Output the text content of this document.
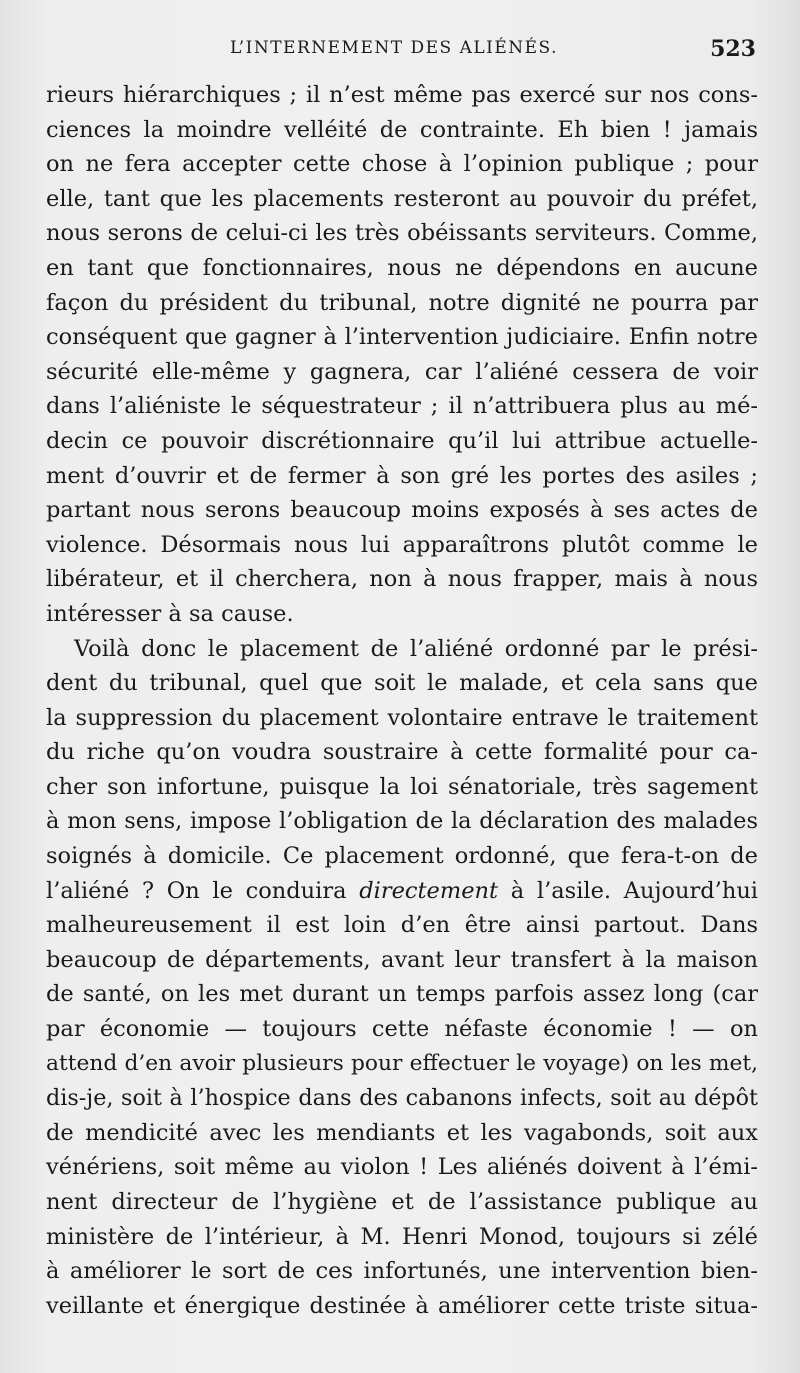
L’INTERNEMENT DES ALIÉNÉS.	523
rieurs hiérarchiques ; il n’est même pas exercé sur nos cons-
ciences la moindre velléité de contrainte. Eh bien ! jamais
on ne fera accepter cette chose à l’opinion publique ; pour
elle, tant que les placements resteront au pouvoir du préfet,
nous serons de celui-ci les très obéissants serviteurs. Comme,
en tant que fonctionnaires, nous ne dépendons en aucune
façon du président du tribunal, notre dignité ne pourra par
conséquent que gagner à l’intervention judiciaire. Enfin notre
sécurité elle-même y gagnera, car l’aliéné cessera de voir
dans l’aliéniste le séquestrateur ; il n’attribuera plus au mé-
decin ce pouvoir discrétionnaire qu’il lui attribue actuelle-
ment d’ouvrir et de fermer à son gré les portes des asiles ;
partant nous serons beaucoup moins exposés à ses actes de
violence. Désormais nous lui apparaîtrons plutôt comme le
libérateur, et il cherchera, non à nous frapper, mais à nous
intéresser à sa cause.
Voilà donc le placement de l’aliéné ordonné par le prési-
dent du tribunal, quel que soit le malade, et cela sans que
la suppression du placement volontaire entrave le traitement
du riche qu’on voudra soustraire à cette formalité pour ca-
cher son infortune, puisque la loi sénatoriale, très sagement
à mon sens, impose l’obligation de la déclaration des malades
soignés à domicile. Ce placement ordonné, que fera-t-on de
l’aliéné ? On le conduira directement à l’asile. Aujourd’hui
malheureusement il est loin d’en être ainsi partout. Dans
beaucoup de départements, avant leur transfert à la maison
de santé, on les met durant un temps parfois assez long (car
par économie — toujours cette néfaste économie ! — on
attend d’en avoir plusieurs pour effectuer le voyage) on les met,
dis-je, soit à l’hospice dans des cabanons infects, soit au dépôt
de mendicité avec les mendiants et les vagabonds, soit aux
vénériens, soit même au violon ! Les aliénés doivent à l’émi-
nent directeur de l’hygiène et de l’assistance publique au
ministère de l’intérieur, à M. Henri Monod, toujours si zélé
à améliorer le sort de ces infortunés, une intervention bien-
veillante et énergique destinée à améliorer cette triste situa-
